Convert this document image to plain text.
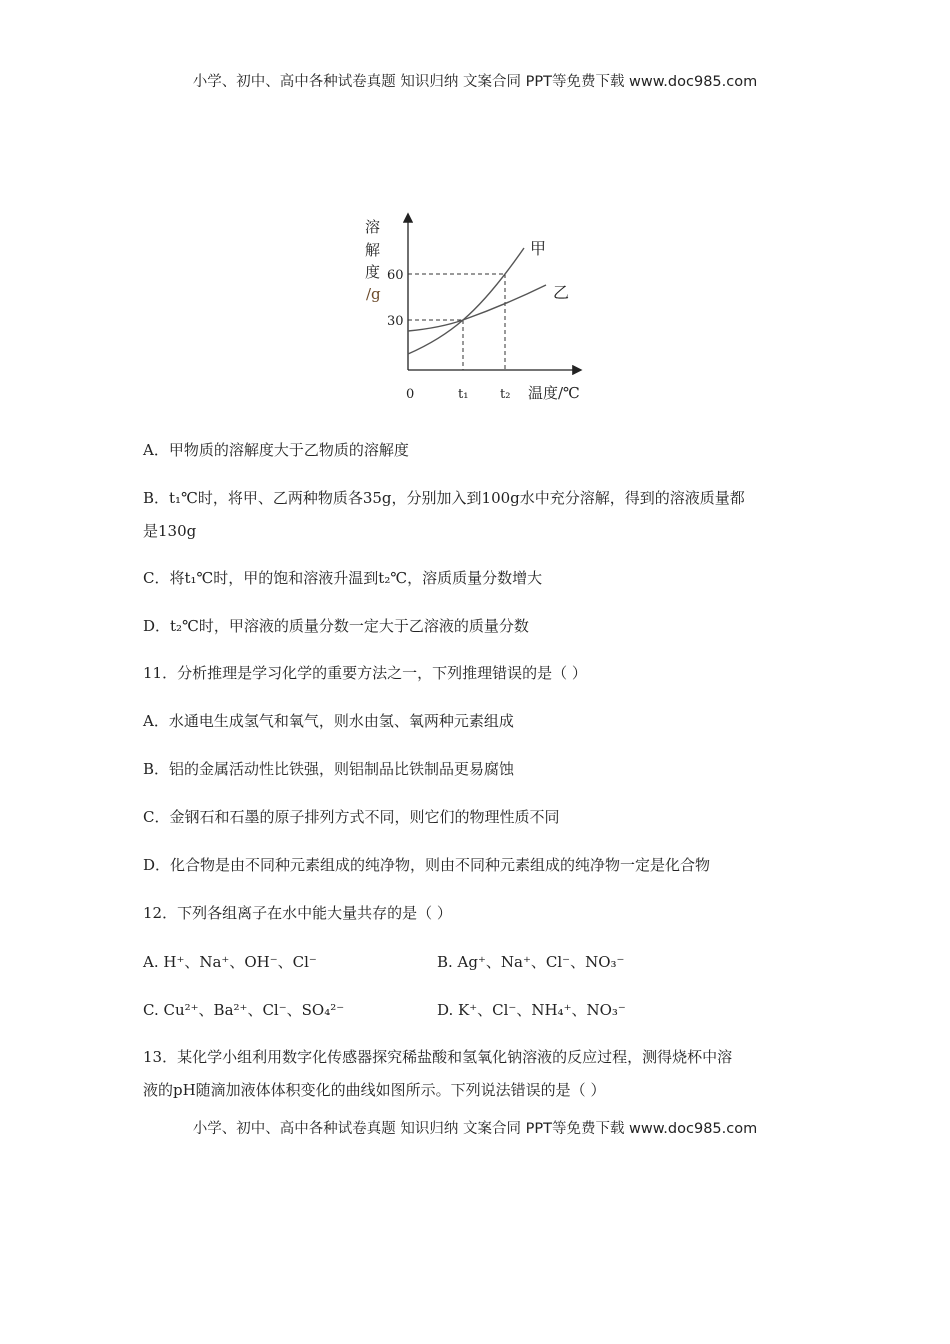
小学、初中、高中各种试卷真题 知识归纳 文案合同 PPT等免费下载 www.doc985.com
溶
解
度
/g
30
60
0	t₁ t₂ 温度/℃
甲
乙
A．甲物质的溶解度大于乙物质的溶解度
B．t₁℃时，将甲、乙两种物质各35g，分别加入到100g水中充分溶解，得到的溶液质量都
是130g
C．将t₁℃时，甲的饱和溶液升温到t₂℃，溶质质量分数增大
D．t₂℃时，甲溶液的质量分数一定大于乙溶液的质量分数
11．分析推理是学习化学的重要方法之一，下列推理错误的是（ ）
A．水通电生成氢气和氧气，则水由氢、氧两种元素组成
B．铝的金属活动性比铁强，则铝制品比铁制品更易腐蚀
C．金钢石和石墨的原子排列方式不同，则它们的物理性质不同
D．化合物是由不同种元素组成的纯净物，则由不同种元素组成的纯净物一定是化合物
12．下列各组离子在水中能大量共存的是（ ）
A. H⁺、Na⁺、OH⁻、Cl⁻	B. Ag⁺、Na⁺、Cl⁻、NO₃⁻
C. Cu²⁺、Ba²⁺、Cl⁻、SO₄²⁻	D. K⁺、Cl⁻、NH₄⁺、NO₃⁻
13．某化学小组利用数字化传感器探究稀盐酸和氢氧化钠溶液的反应过程，测得烧杯中溶
液的pH随滴加液体体积变化的曲线如图所示。下列说法错误的是（ ）
小学、初中、高中各种试卷真题 知识归纳 文案合同 PPT等免费下载 www.doc985.com
